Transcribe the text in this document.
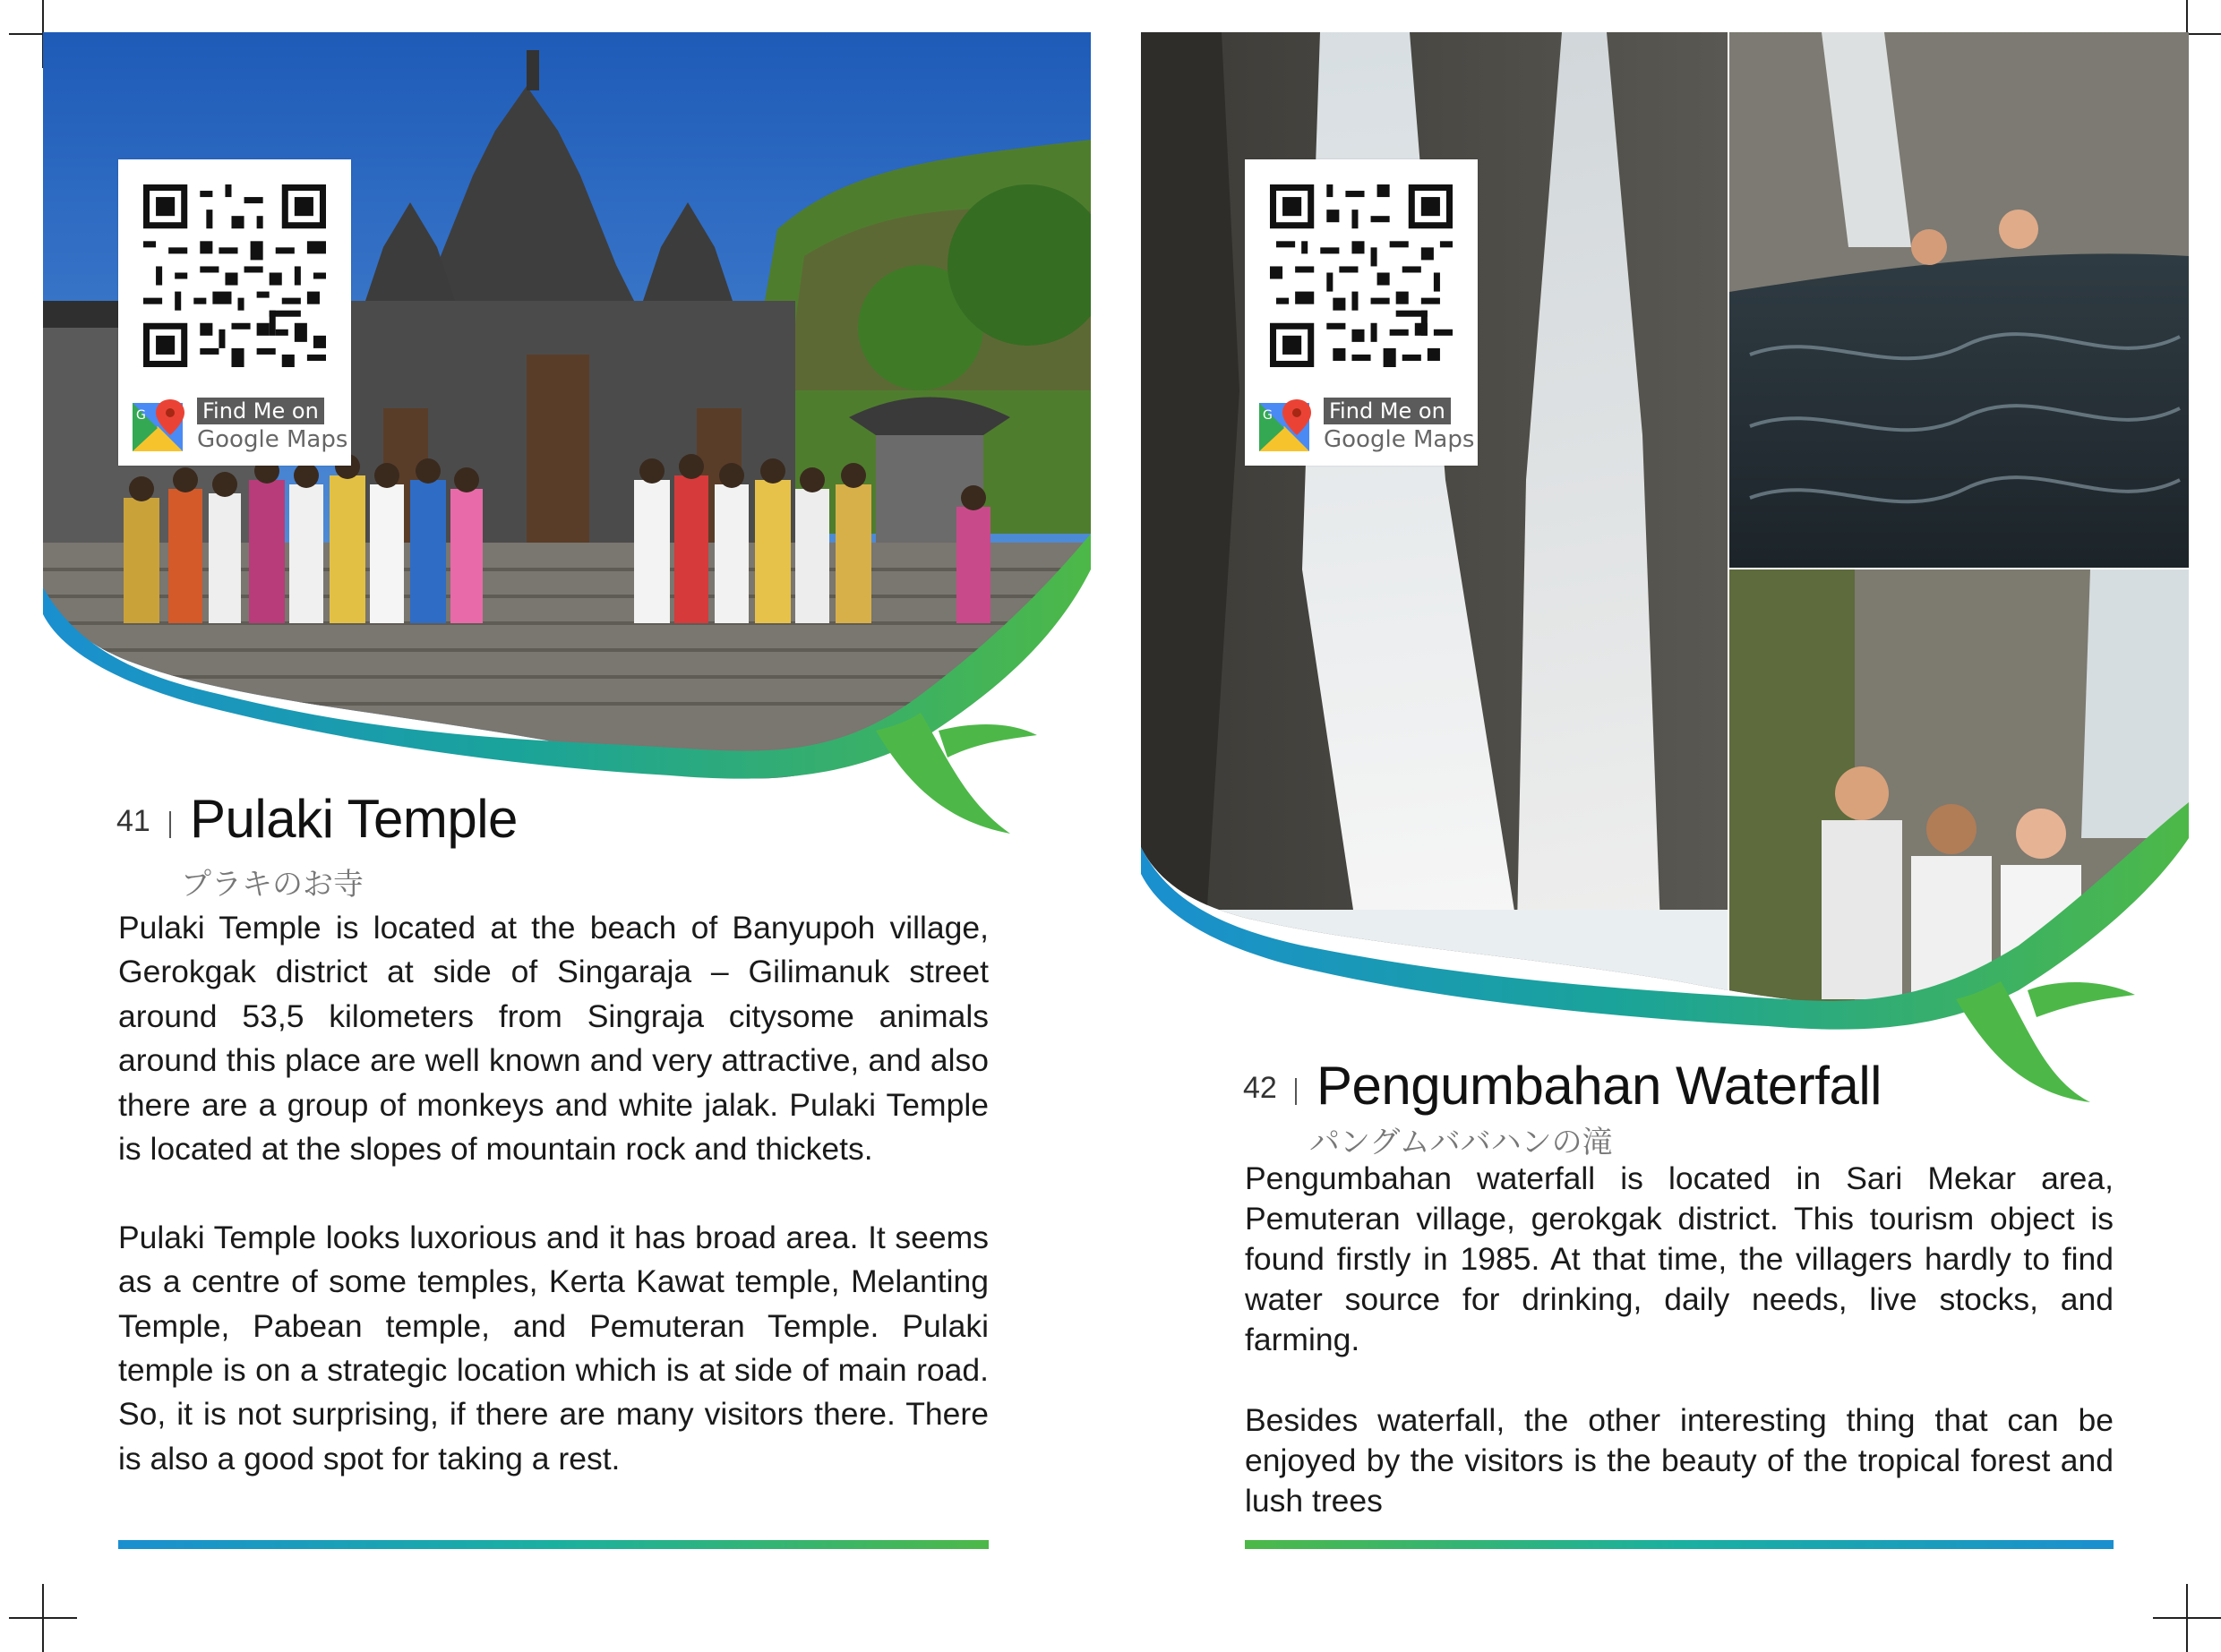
G	Find Me on
Google Maps
41 Pulaki Temple
プラキのお寺

Pulaki Temple is located at the beach of Banyupoh village, Gerokgak district at side of Singaraja – Gilimanuk street around 53,5 kilometers from Singraja citysome animals around this place are well known and very attractive, and also there are a group of monkeys and white jalak. Pulaki Temple is located at the slopes of mountain rock and thickets.

Pulaki Temple looks luxorious and it has broad area. It seems as a centre of some temples, Kerta Kawat temple, Melanting Temple, Pabean temple, and Pemuteran Temple. Pulaki temple is on a strategic location which is at side of main road. So, it is not surprising, if there are many visitors there. There is also a good spot for taking a rest.

G	Find Me on
Google Maps
42 Pengumbahan Waterfall
パングムババハンの滝

Pengumbahan waterfall is located in Sari Mekar area, Pemuteran village, gerokgak district. This tourism object is found firstly in 1985. At that time, the villagers hardly to find water source for drinking, daily needs, live stocks, and farming.

Besides waterfall, the other interesting thing that can be enjoyed by the visitors is the beauty of the tropical forest and lush trees
